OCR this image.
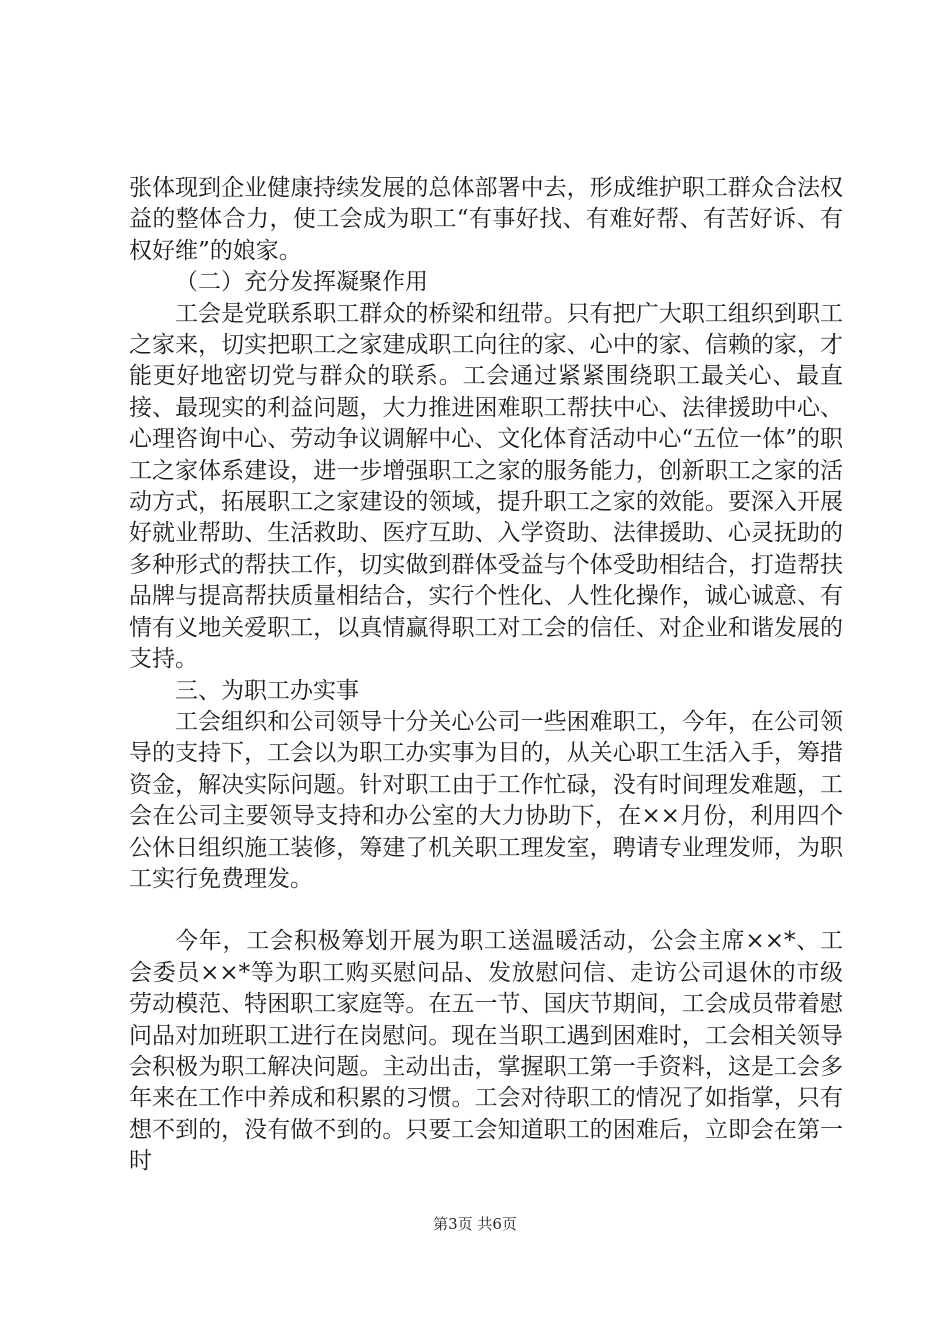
张体现到企业健康持续发展的总体部署中去，形成维护职工群众合法权益的整体合力，使工会成为职工“有事好找、有难好帮、有苦好诉、有权好维”的娘家。

（二）充分发挥凝聚作用

工会是党联系职工群众的桥梁和纽带。只有把广大职工组织到职工之家来，切实把职工之家建成职工向往的家、心中的家、信赖的家，才能更好地密切党与群众的联系。工会通过紧紧围绕职工最关心、最直接、最现实的利益问题，大力推进困难职工帮扶中心、法律援助中心、心理咨询中心、劳动争议调解中心、文化体育活动中心“五位一体”的职工之家体系建设，进一步增强职工之家的服务能力，创新职工之家的活动方式，拓展职工之家建设的领域，提升职工之家的效能。要深入开展好就业帮助、生活救助、医疗互助、入学资助、法律援助、心灵抚助的多种形式的帮扶工作，切实做到群体受益与个体受助相结合，打造帮扶品牌与提高帮扶质量相结合，实行个性化、人性化操作，诚心诚意、有情有义地关爱职工，以真情赢得职工对工会的信任、对企业和谐发展的支持。

三、为职工办实事

工会组织和公司领导十分关心公司一些困难职工，今年，在公司领导的支持下，工会以为职工办实事为目的，从关心职工生活入手，筹措资金，解决实际问题。针对职工由于工作忙碌，没有时间理发难题，工会在公司主要领导支持和办公室的大力协助下，在××月份，利用四个公休日组织施工装修，筹建了机关职工理发室，聘请专业理发师，为职工实行免费理发。

今年，工会积极筹划开展为职工送温暖活动，公会主席××*、工会委员××*等为职工购买慰问品、发放慰问信、走访公司退休的市级劳动模范、特困职工家庭等。在五一节、国庆节期间，工会成员带着慰问品对加班职工进行在岗慰问。现在当职工遇到困难时，工会相关领导会积极为职工解决问题。主动出击，掌握职工第一手资料，这是工会多年来在工作中养成和积累的习惯。工会对待职工的情况了如指掌，只有想不到的，没有做不到的。只要工会知道职工的困难后，立即会在第一时

第3页 共6页
